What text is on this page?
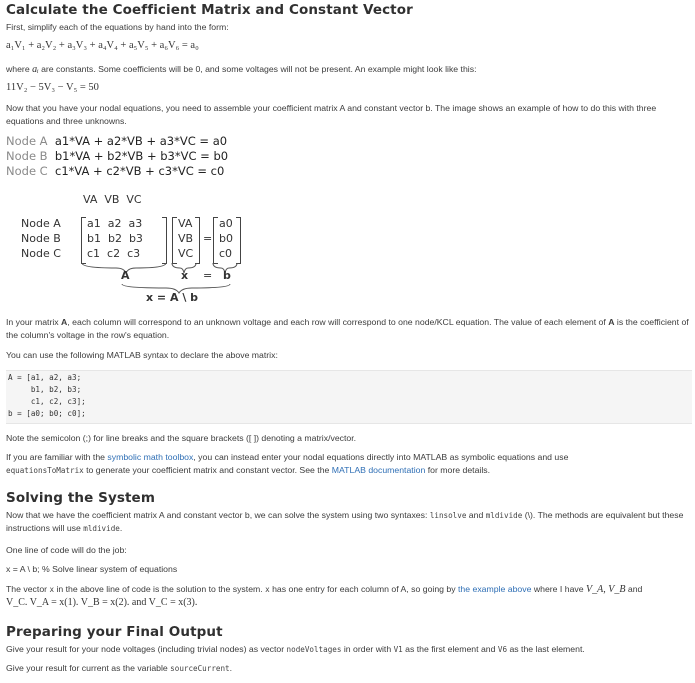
Calculate the Coefficient Matrix and Constant Vector

First, simplify each of the equations by hand into the form:

a₁V₁ + a₂V₂ + a₃V₃ + a₄V₄ + a₅V₅ + a₆V₆ = a₀

where aᵢ are constants. Some coefficients will be 0, and some voltages will not be present. An example might look like this:

11V₂ − 5V₃ − V₅ = 50

Now that you have your nodal equations, you need to assemble your coefficient matrix A and constant vector b. The image shows an example of how to do this with three equations and three unknowns.

Node A a1*VA + a2*VB + a3*VC = a0
Node B b1*VA + b2*VB + b3*VC = b0
Node C c1*VA + c2*VB + c3*VC = c0
VA  VB  VC
Node A
Node B
Node C
a1  a2  a3
b1  b2  b3
c1  c2  c3
VA
VB
VC
=
a0
b0
c0
A	x = b
x = A \ b

In your matrix A, each column will correspond to an unknown voltage and each row will correspond to one node/KCL equation. The value of each element of A is the coefficient of the column's voltage in the row's equation.

You can use the following MATLAB syntax to declare the above matrix:

A = [a1, a2, a3;
b1, b2, b3;
c1, c2, c3];
b = [a0; b0; c0];

Note the semicolon (;) for line breaks and the square brackets ([ ]) denoting a matrix/vector.

If you are familiar with the symbolic math toolbox, you can instead enter your nodal equations directly into MATLAB as symbolic equations and use
equationsToMatrix to generate your coefficient matrix and constant vector. See the MATLAB documentation for more details.

Solving the System

Now that we have the coefficient matrix A and constant vector b, we can solve the system using two syntaxes: linsolve and mldivide (\). The methods are equivalent but these instructions will use mldivide.

One line of code will do the job:

x = A \ b; % Solve linear system of equations

The vector x in the above line of code is the solution to the system. x has one entry for each column of A, so going by the example above where I have V_A, V_B and
V_C. V_A = x(1). V_B = x(2). and V_C = x(3).

Preparing your Final Output

Give your result for your node voltages (including trivial nodes) as vector nodeVoltages in order with V1 as the first element and V6 as the last element.

Give your result for current as the variable sourceCurrent.
